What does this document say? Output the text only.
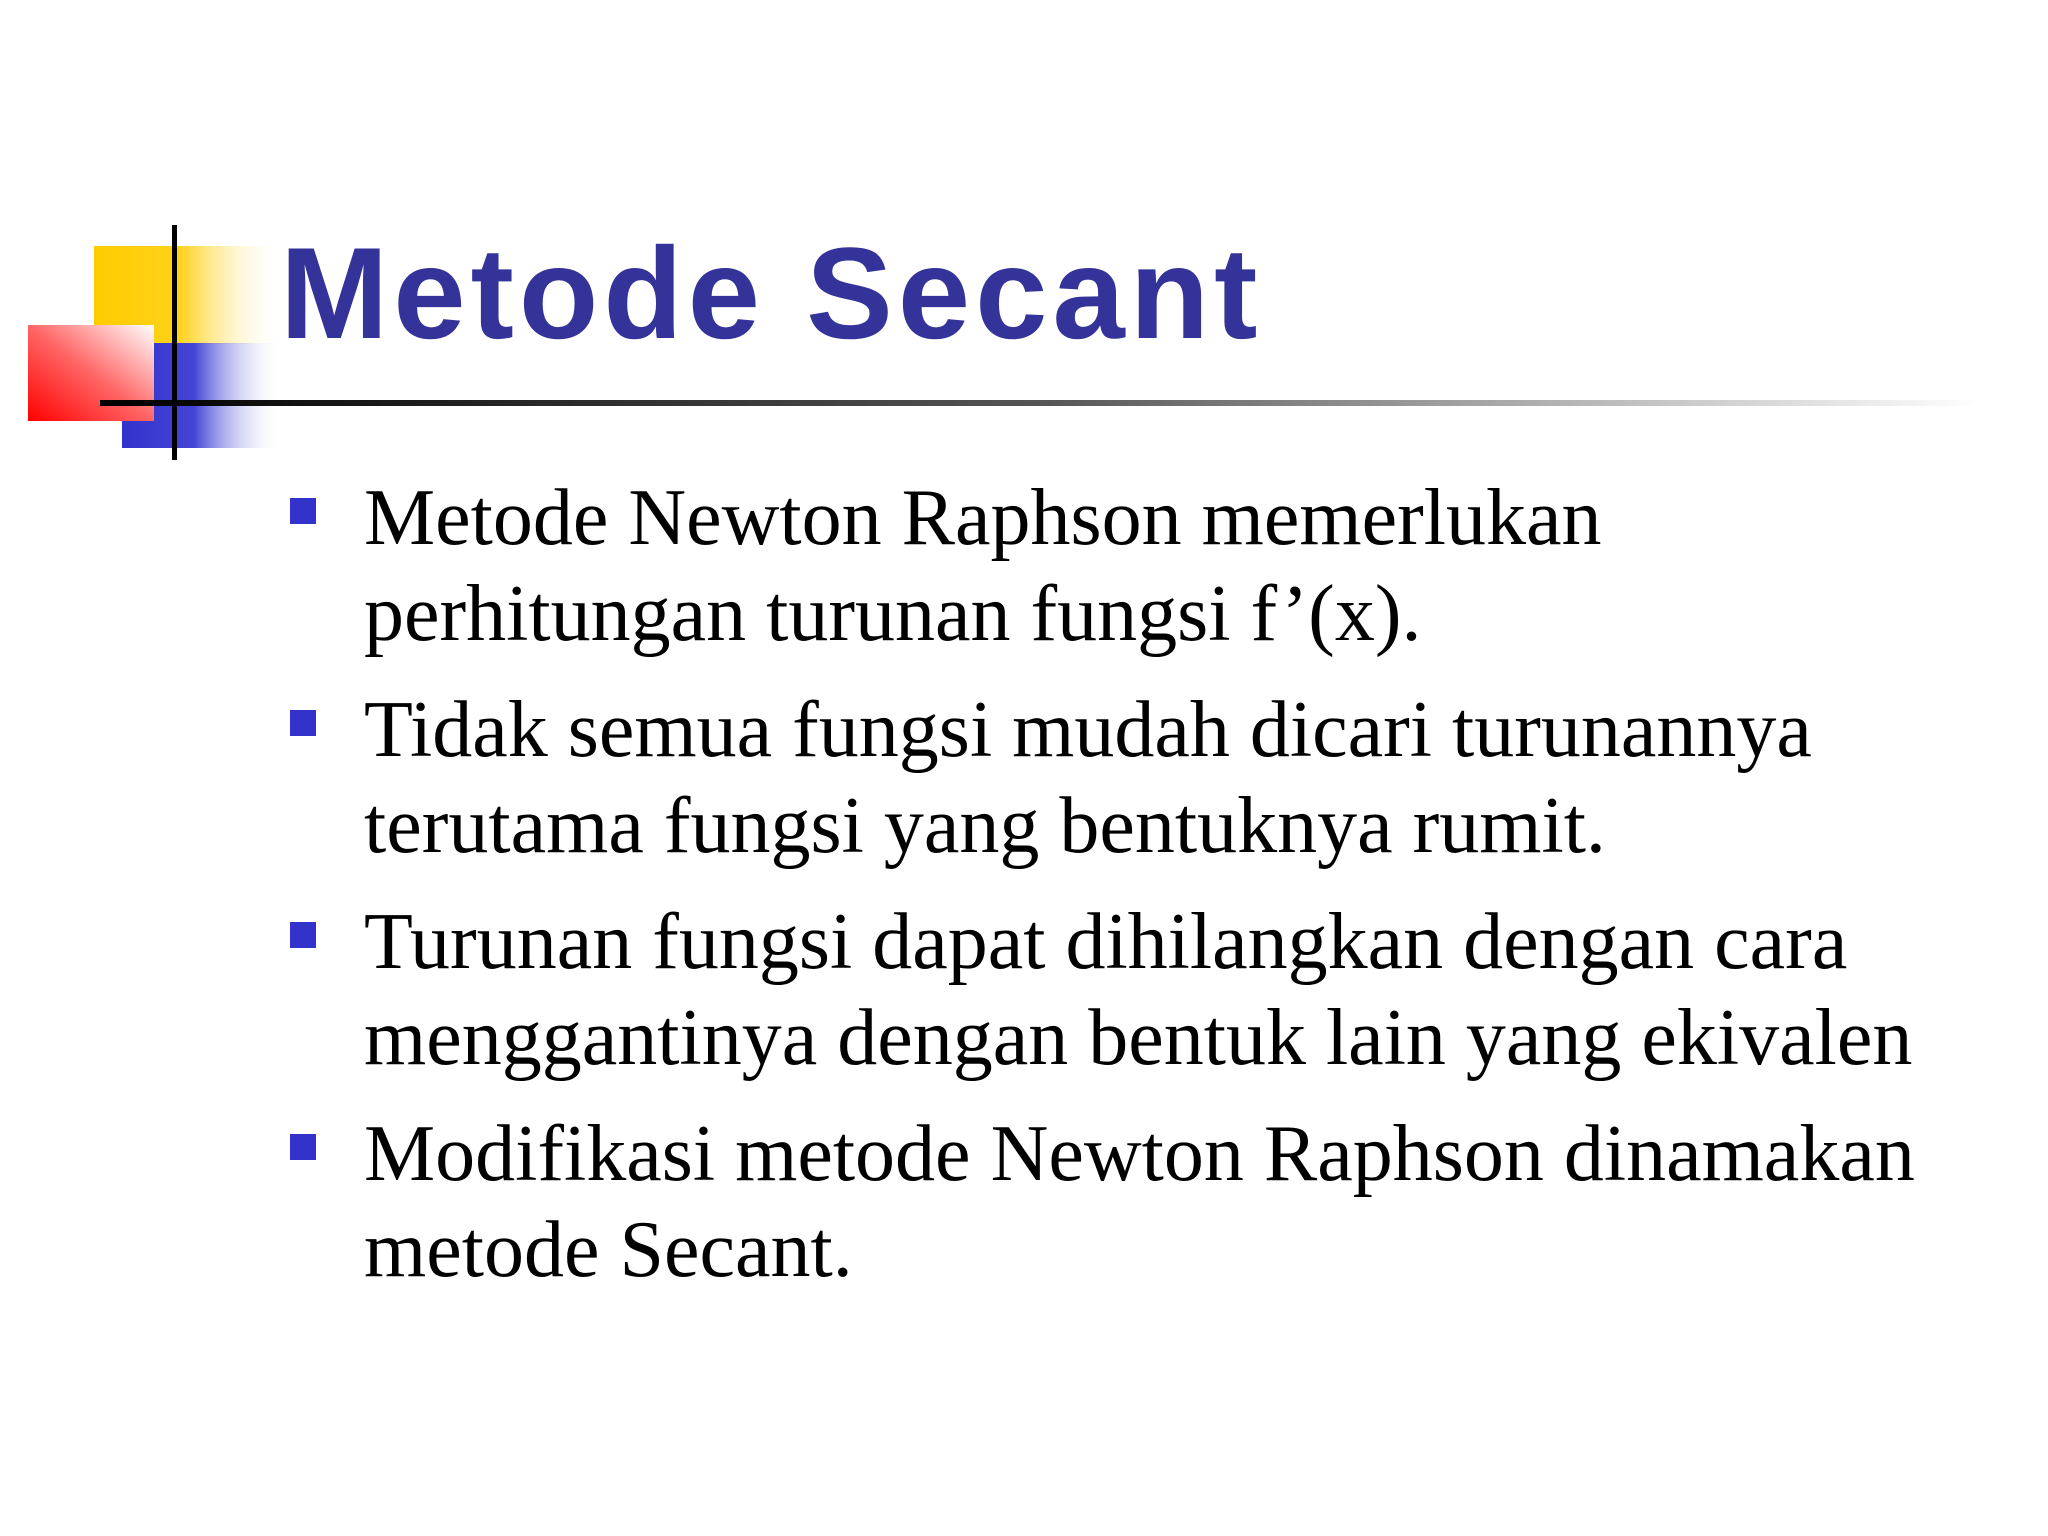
Metode Secant
Metode Newton Raphson memerlukan
perhitungan turunan fungsi f’(x).
Tidak semua fungsi mudah dicari turunannya
terutama fungsi yang bentuknya rumit.
Turunan fungsi dapat dihilangkan dengan cara
menggantinya dengan bentuk lain yang ekivalen
Modifikasi metode Newton Raphson dinamakan
metode Secant.
